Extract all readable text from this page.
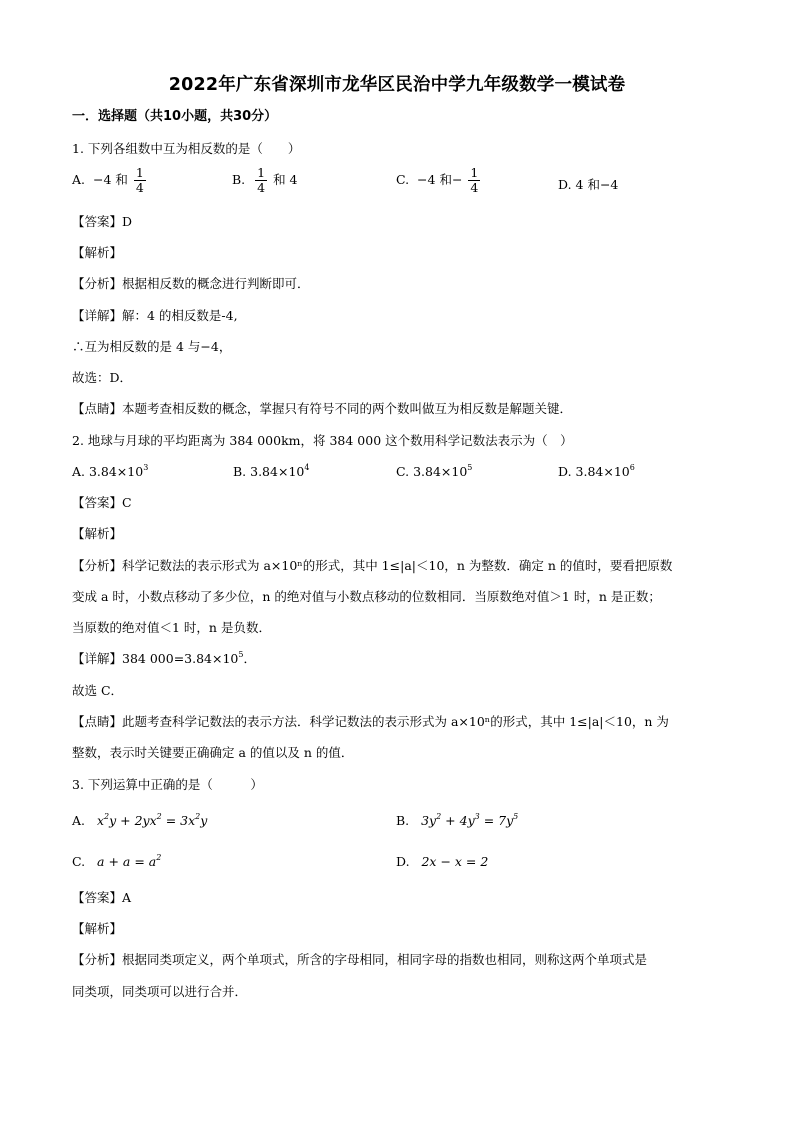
2022年广东省深圳市龙华区民治中学九年级数学一模试卷
一．选择题（共10小题，共30分）
1. 下列各组数中互为相反数的是（　　）
A. −4 和 $\frac{1}{4}$	B. $\frac{1}{4}$ 和 4	C. −4 和− $\frac{1}{4}$	D. 4 和−4
【答案】D
【解析】
【分析】根据相反数的概念进行判断即可．
【详解】解：4 的相反数是-4,
∴互为相反数的是 4 与−4，
故选：D．
【点睛】本题考查相反数的概念，掌握只有符号不同的两个数叫做互为相反数是解题关键．
2. 地球与月球的平均距离为 384 000km，将 384 000 这个数用科学记数法表示为（　）
A. $3.84\times 10^3$	B. $3.84\times 10^4$	C. $3.84\times 10^5$	D. $3.84\times 10^6$
【答案】C
【解析】
【分析】科学记数法的表示形式为 a×10ⁿ的形式，其中 1≤|a|＜10，n 为整数．确定 n 的值时，要看把原数
变成 a 时，小数点移动了多少位，n 的绝对值与小数点移动的位数相同．当原数绝对值＞1 时，n 是正数；
当原数的绝对值＜1 时，n 是负数．
【详解】384 $000=3.84\times 10^5$．
故选 C．
【点睛】此题考查科学记数法的表示方法．科学记数法的表示形式为 a×10ⁿ的形式，其中 1≤|a|＜10，n 为
整数，表示时关键要正确确定 a 的值以及 n 的值．
3. 下列运算中正确的是（　　　）
A. $x^2y + 2yx^2 = 3x^2y$	B. $3y^2 + 4y^3 = 7y^5$
C. $a + a = a^2$	D. 2x − x = 2
【答案】A
【解析】
【分析】根据同类项定义，两个单项式，所含的字母相同，相同字母的指数也相同，则称这两个单项式是
同类项，同类项可以进行合并．
